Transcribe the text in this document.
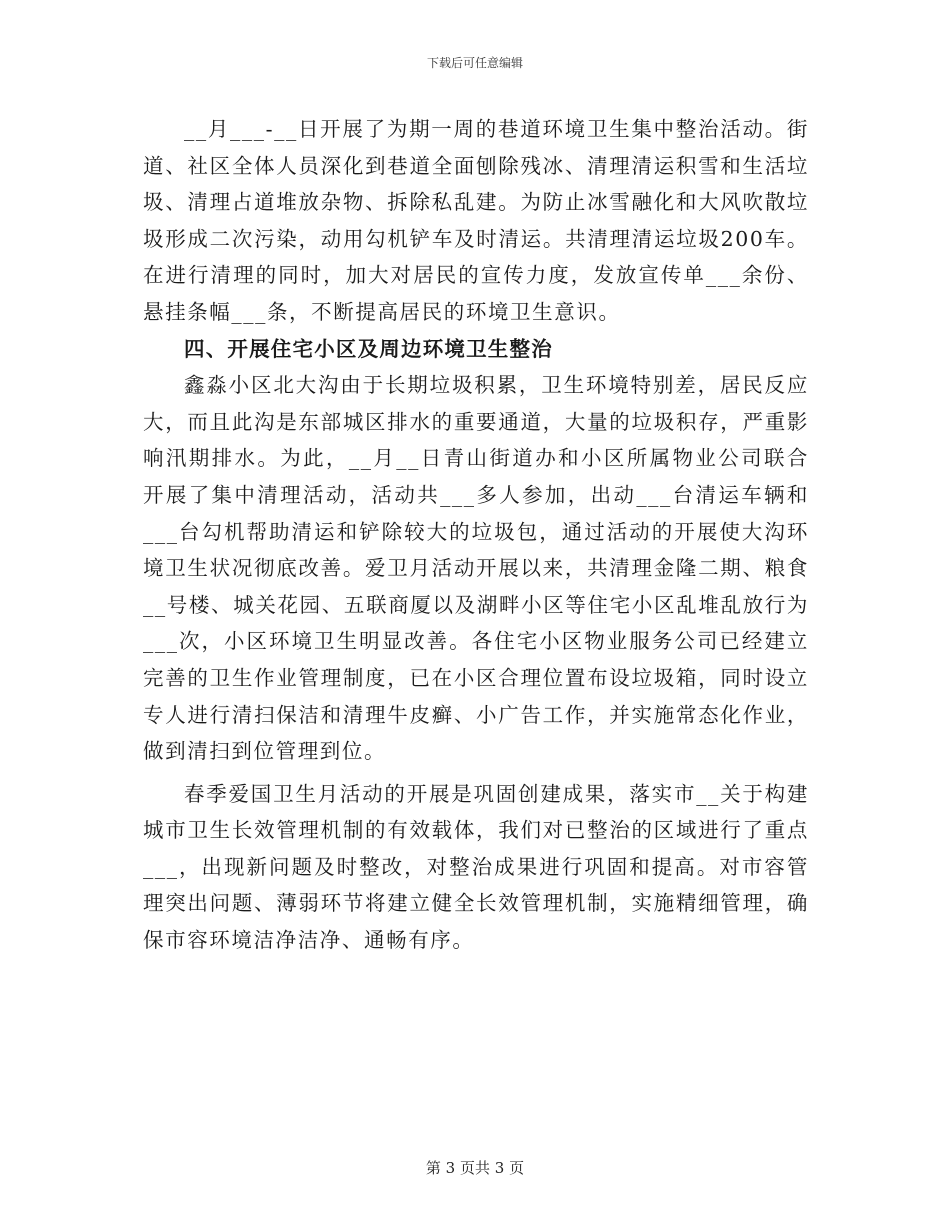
下载后可任意编辑

__月___-__日开展了为期一周的巷道环境卫生集中整治活动。街道、社区全体人员深化到巷道全面刨除残冰、清理清运积雪和生活垃圾、清理占道堆放杂物、拆除私乱建。为防止冰雪融化和大风吹散垃圾形成二次污染，动用勾机铲车及时清运。共清理清运垃圾200车。在进行清理的同时，加大对居民的宣传力度，发放宣传单___余份、悬挂条幅___条，不断提高居民的环境卫生意识。

四、开展住宅小区及周边环境卫生整治

鑫淼小区北大沟由于长期垃圾积累，卫生环境特别差，居民反应大，而且此沟是东部城区排水的重要通道，大量的垃圾积存，严重影响汛期排水。为此，__月__日青山街道办和小区所属物业公司联合开展了集中清理活动，活动共___多人参加，出动___台清运车辆和___台勾机帮助清运和铲除较大的垃圾包，通过活动的开展使大沟环境卫生状况彻底改善。爱卫月活动开展以来，共清理金隆二期、粮食__号楼、城关花园、五联商厦以及湖畔小区等住宅小区乱堆乱放行为___次，小区环境卫生明显改善。各住宅小区物业服务公司已经建立完善的卫生作业管理制度，已在小区合理位置布设垃圾箱，同时设立专人进行清扫保洁和清理牛皮癣、小广告工作，并实施常态化作业，做到清扫到位管理到位。

春季爱国卫生月活动的开展是巩固创建成果，落实市__关于构建城市卫生长效管理机制的有效载体，我们对已整治的区域进行了重点___，出现新问题及时整改，对整治成果进行巩固和提高。对市容管理突出问题、薄弱环节将建立健全长效管理机制，实施精细管理，确保市容环境洁净洁净、通畅有序。

第 3 页共 3 页
